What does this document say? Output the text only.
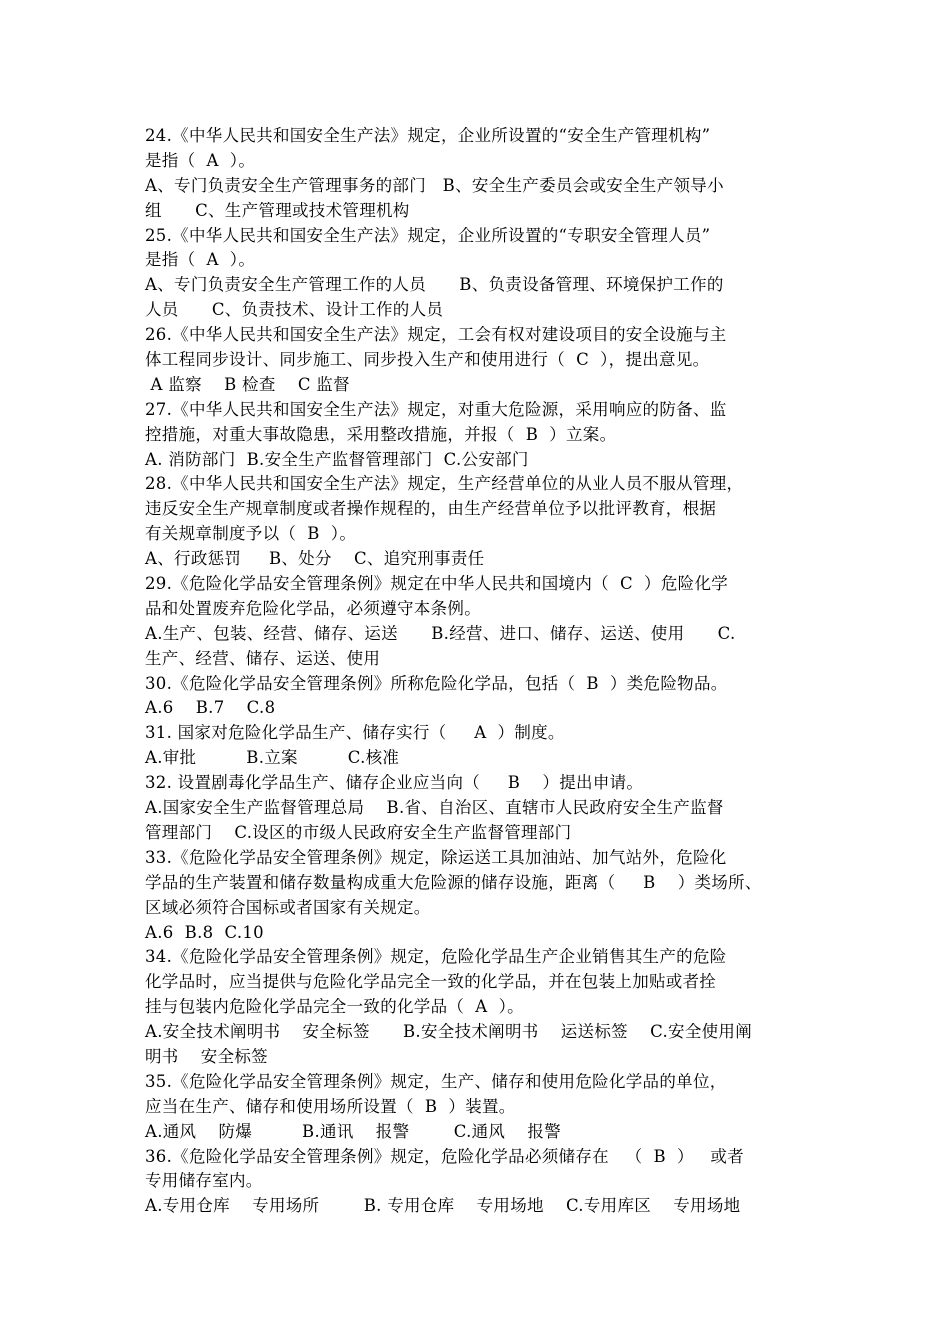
24.《中华人民共和国安全生产法》规定，企业所设置的“安全生产管理机构”
是指（  A  ）。
A、专门负责安全生产管理事务的部门   B、安全生产委员会或安全生产领导小
组      C、生产管理或技术管理机构
25.《中华人民共和国安全生产法》规定，企业所设置的“专职安全管理人员”
是指（  A  ）。
A、专门负责安全生产管理工作的人员      B、负责设备管理、环境保护工作的
人员      C、负责技术、设计工作的人员
26.《中华人民共和国安全生产法》规定，工会有权对建设项目的安全设施与主
体工程同步设计、同步施工、同步投入生产和使用进行（  C  ），提出意见。
A 监察    B 检查    C 监督
27.《中华人民共和国安全生产法》规定，对重大危险源，采用响应的防备、监
控措施，对重大事故隐患，采用整改措施，并报（  B  ）立案。
A. 消防部门  B.安全生产监督管理部门  C.公安部门
28.《中华人民共和国安全生产法》规定，生产经营单位的从业人员不服从管理，
违反安全生产规章制度或者操作规程的，由生产经营单位予以批评教育，根据
有关规章制度予以（  B  ）。
A、行政惩罚     B、处分    C、追究刑事责任
29.《危险化学品安全管理条例》规定在中华人民共和国境内（  C  ）危险化学
品和处置废弃危险化学品，必须遵守本条例。
A.生产、包装、经营、储存、运送      B.经营、进口、储存、运送、使用      C.
生产、经营、储存、运送、使用
30.《危险化学品安全管理条例》所称危险化学品，包括（  B  ）类危险物品。
A.6    B.7    C.8
31. 国家对危险化学品生产、储存实行（     A  ）制度。
A.审批         B.立案         C.核准
32. 设置剧毒化学品生产、储存企业应当向（     B    ）提出申请。
A.国家安全生产监督管理总局    B.省、自治区、直辖市人民政府安全生产监督
管理部门    C.设区的市级人民政府安全生产监督管理部门
33.《危险化学品安全管理条例》规定，除运送工具加油站、加气站外，危险化
学品的生产装置和储存数量构成重大危险源的储存设施，距离（     B    ）类场所、
区域必须符合国标或者国家有关规定。
A.6  B.8  C.10
34.《危险化学品安全管理条例》规定，危险化学品生产企业销售其生产的危险
化学品时，应当提供与危险化学品完全一致的化学品，并在包装上加贴或者拴
挂与包装内危险化学品完全一致的化学品（  A  ）。
A.安全技术阐明书    安全标签      B.安全技术阐明书    运送标签    C.安全使用阐
明书    安全标签
35.《危险化学品安全管理条例》规定，生产、储存和使用危险化学品的单位，
应当在生产、储存和使用场所设置（  B  ）装置。
A.通风    防爆         B.通讯    报警        C.通风    报警
36.《危险化学品安全管理条例》规定，危险化学品必须储存在   （  B  ）   或者
专用储存室内。
A.专用仓库    专用场所        B. 专用仓库    专用场地    C.专用库区    专用场地
